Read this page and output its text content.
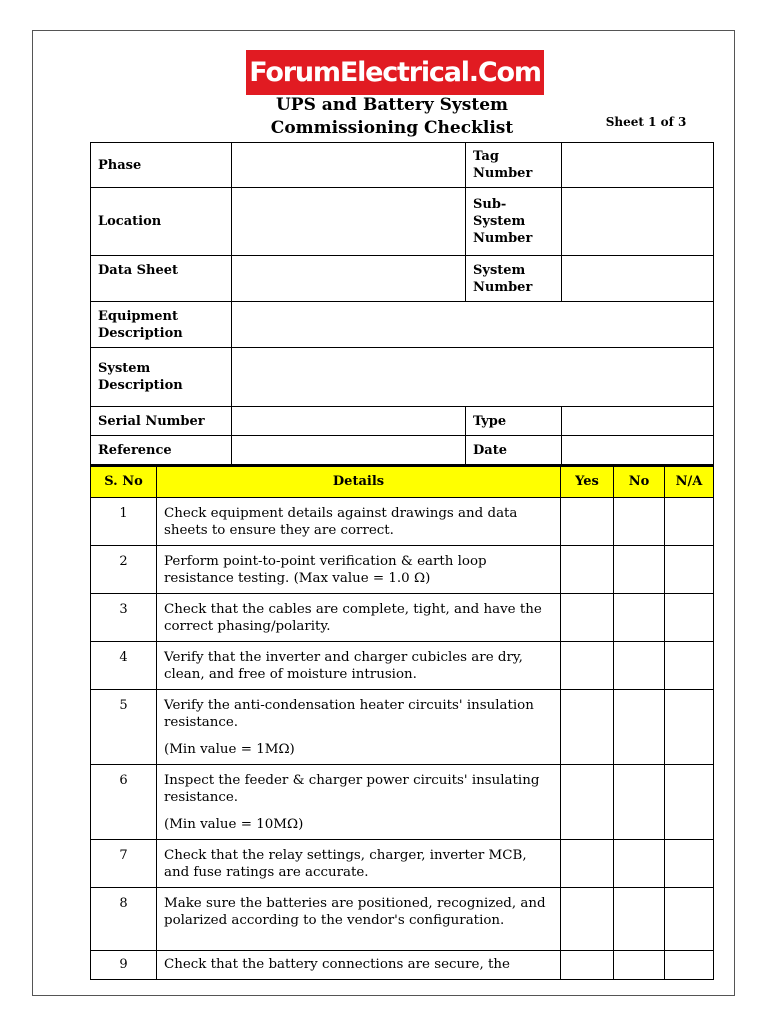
ForumElectrical.Com
UPS and Battery System
Commissioning Checklist	Sheet 1 of 3
Phase		Tag Number	
Location		Sub-System Number	
Data Sheet		System Number	
Equipment Description			
System Description			
Serial Number		Type	
Reference		Date	
S. No	Details	Yes	No	N/A
1	Check equipment details against drawings and data sheets to ensure they are correct.			

2	Perform point-to-point verification & earth loop resistance testing. (Max value = 1.0 Ω)			

3	Check that the cables are complete, tight, and have the correct phasing/polarity.			

4	Verify that the inverter and charger cubicles are dry, clean, and free of moisture intrusion.			

5	Verify the anti-condensation heater circuits' insulation resistance.
(Min value = 1MΩ)			

6	Inspect the feeder & charger power circuits' insulating resistance.
(Min value = 10MΩ)			

7	Check that the relay settings, charger, inverter MCB, and fuse ratings are accurate.			

8	Make sure the batteries are positioned, recognized, and polarized according to the vendor's configuration.			

9	Check that the battery connections are secure, the			
